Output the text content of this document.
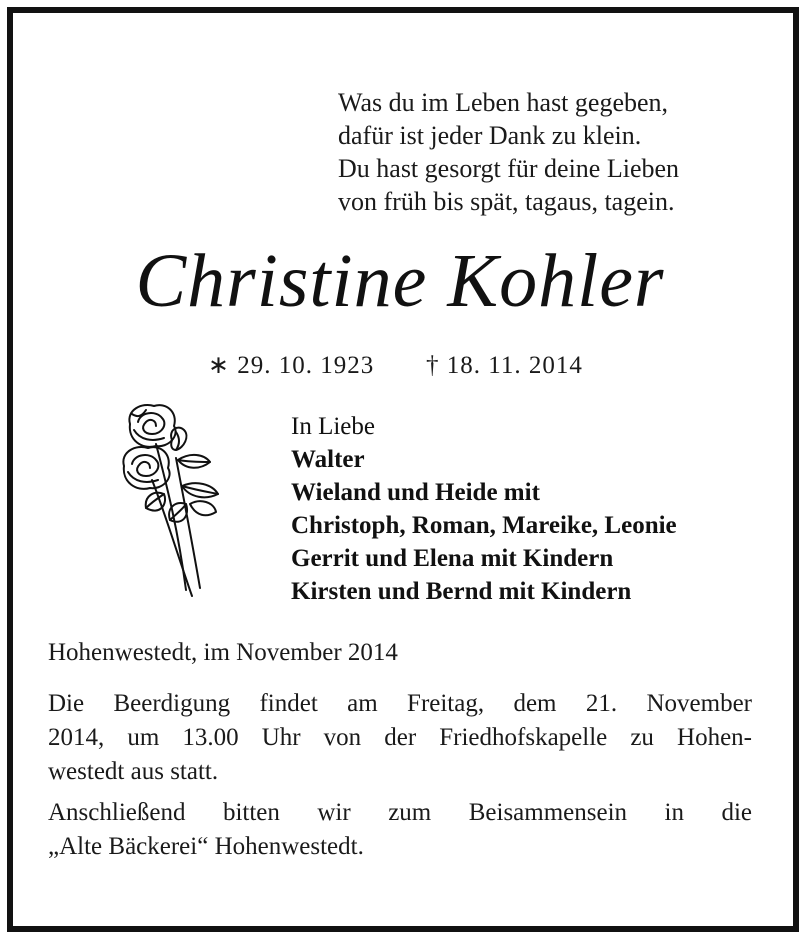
Was du im Leben hast gegeben,
dafür ist jeder Dank zu klein.
Du hast gesorgt für deine Lieben
von früh bis spät, tagaus, tagein.
Christine Kohler
∗ 29. 10. 1923 † 18. 11. 2014
In Liebe
Walter
Wieland und Heide mit
Christoph, Roman, Mareike, Leonie
Gerrit und Elena mit Kindern
Kirsten und Bernd mit Kindern
Hohenwestedt, im November 2014
Die Beerdigung findet am Freitag, dem 21. November
2014, um 13.00 Uhr von der Friedhofskapelle zu Hohen-
westedt aus statt.
Anschließend bitten wir zum Beisammensein in die
„Alte Bäckerei“ Hohenwestedt.
